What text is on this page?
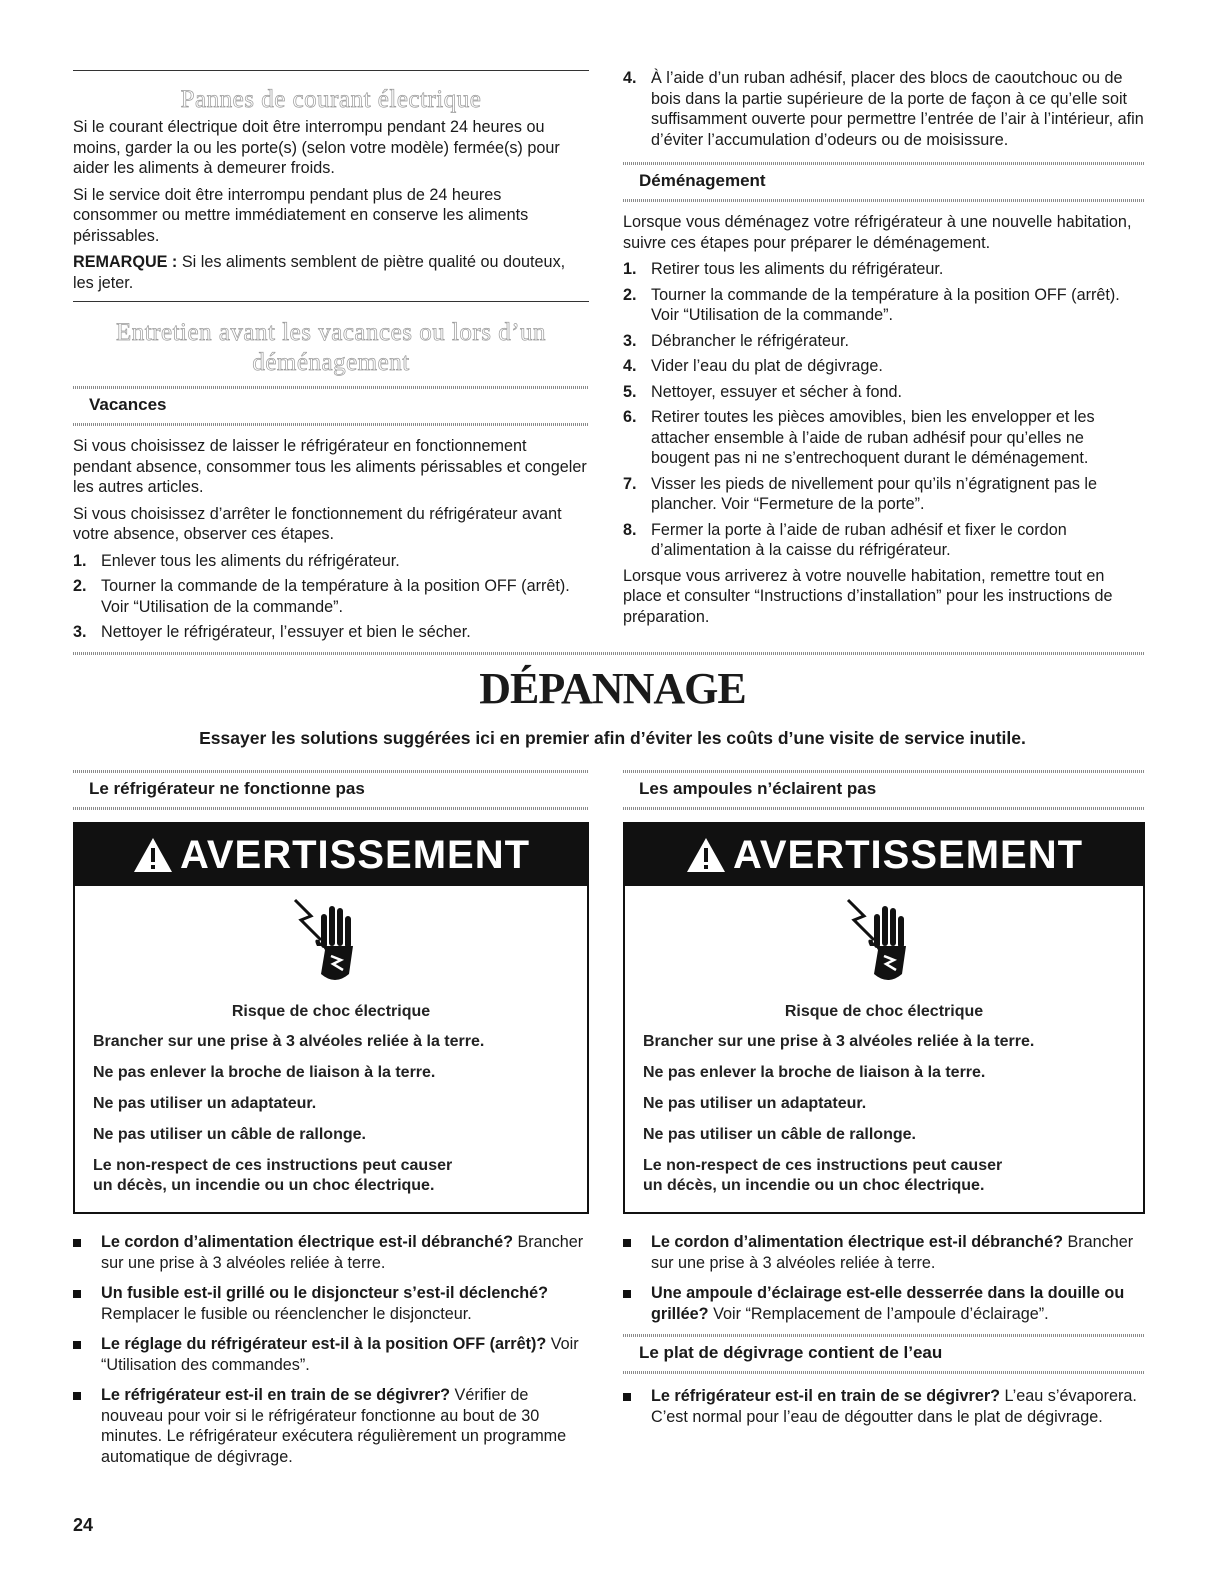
Pannes de courant électrique

Si le courant électrique doit être interrompu pendant 24 heures ou moins, garder la ou les porte(s) (selon votre modèle) fermée(s) pour aider les aliments à demeurer froids.

Si le service doit être interrompu pendant plus de 24 heures consommer ou mettre immédiatement en conserve les aliments périssables.

REMARQUE : Si les aliments semblent de piètre qualité ou douteux, les jeter.

Entretien avant les vacances ou lors d’un
déménagement
Vacances

Si vous choisissez de laisser le réfrigérateur en fonctionnement pendant absence, consommer tous les aliments périssables et congeler les autres articles.

Si vous choisissez d’arrêter le fonctionnement du réfrigérateur avant votre absence, observer ces étapes.

1. Enlever tous les aliments du réfrigérateur.
2. Tourner la commande de la température à la position OFF (arrêt). Voir “Utilisation de la commande”.
3. Nettoyer le réfrigérateur, l’essuyer et bien le sécher.
4. À l’aide d’un ruban adhésif, placer des blocs de caoutchouc ou de bois dans la partie supérieure de la porte de façon à ce qu’elle soit suffisamment ouverte pour permettre l’entrée de l’air à l’intérieur, afin d’éviter l’accumulation d’odeurs ou de moisissure.
Déménagement

Lorsque vous déménagez votre réfrigérateur à une nouvelle habitation, suivre ces étapes pour préparer le déménagement.

1. Retirer tous les aliments du réfrigérateur.
2. Tourner la commande de la température à la position OFF (arrêt). Voir “Utilisation de la commande”.
3. Débrancher le réfrigérateur.
4. Vider l’eau du plat de dégivrage.
5. Nettoyer, essuyer et sécher à fond.
6. Retirer toutes les pièces amovibles, bien les envelopper et les attacher ensemble à l’aide de ruban adhésif pour qu’elles ne bougent pas ni ne s’entrechoquent durant le déménagement.
7. Visser les pieds de nivellement pour qu’ils n’égratignent pas le plancher. Voir “Fermeture de la porte”.
8. Fermer la porte à l’aide de ruban adhésif et fixer le cordon d’alimentation à la caisse du réfrigérateur.

Lorsque vous arriverez à votre nouvelle habitation, remettre tout en place et consulter “Instructions d’installation” pour les instructions de préparation.

DÉPANNAGE
Essayer les solutions suggérées ici en premier afin d’éviter les coûts d’une visite de service inutile.
Le réfrigérateur ne fonctionne pas
AVERTISSEMENT
Risque de choc électrique
Brancher sur une prise à 3 alvéoles reliée à la terre.
Ne pas enlever la broche de liaison à la terre.
Ne pas utiliser un adaptateur.
Ne pas utiliser un câble de rallonge.
Le non-respect de ces instructions peut causer
un décès, un incendie ou un choc électrique.
Le cordon d’alimentation électrique est-il débranché? Brancher sur une prise à 3 alvéoles reliée à terre.
Un fusible est-il grillé ou le disjoncteur s’est-il déclenché? Remplacer le fusible ou réenclencher le disjoncteur.
Le réglage du réfrigérateur est-il à la position OFF (arrêt)? Voir “Utilisation des commandes”.
Le réfrigérateur est-il en train de se dégivrer? Vérifier de nouveau pour voir si le réfrigérateur fonctionne au bout de 30 minutes. Le réfrigérateur exécutera régulièrement un programme automatique de dégivrage.
Les ampoules n’éclairent pas
AVERTISSEMENT
Risque de choc électrique
Brancher sur une prise à 3 alvéoles reliée à la terre.
Ne pas enlever la broche de liaison à la terre.
Ne pas utiliser un adaptateur.
Ne pas utiliser un câble de rallonge.
Le non-respect de ces instructions peut causer
un décès, un incendie ou un choc électrique.
Le cordon d’alimentation électrique est-il débranché? Brancher sur une prise à 3 alvéoles reliée à terre.
Une ampoule d’éclairage est-elle desserrée dans la douille ou grillée? Voir “Remplacement de l’ampoule d’éclairage”.
Le plat de dégivrage contient de l’eau
Le réfrigérateur est-il en train de se dégivrer? L’eau s’évaporera. C’est normal pour l’eau de dégoutter dans le plat de dégivrage.
24
